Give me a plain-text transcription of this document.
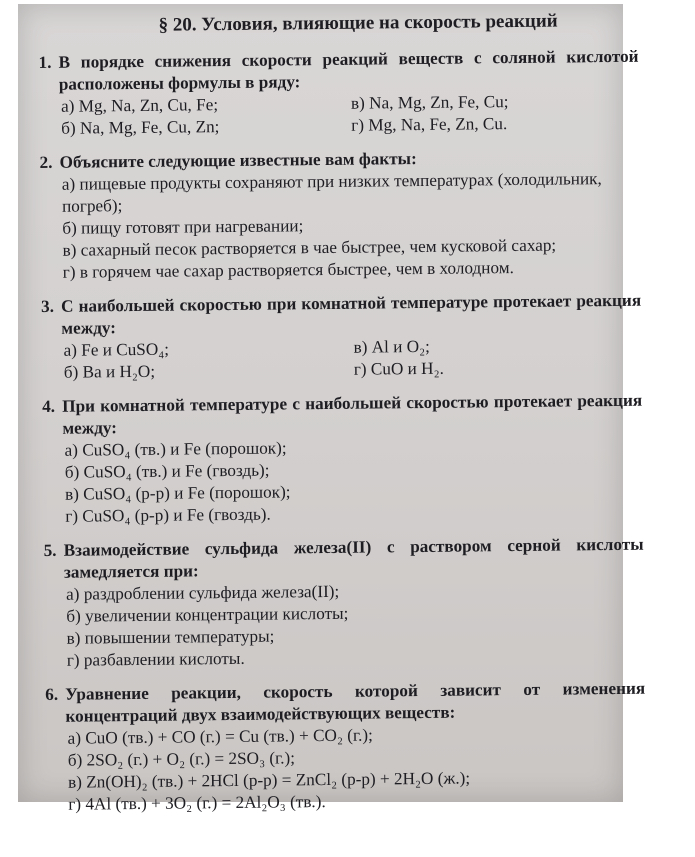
§ 20. Условия, влияющие на скорость реакций
1. В порядке снижения скорости реакций веществ с соляной кислотой расположены формулы в ряду:
а) Mg, Na, Zn, Cu, Fe;	в) Na, Mg, Zn, Fe, Cu;
б) Na, Mg, Fe, Cu, Zn;	г) Mg, Na, Fe, Zn, Cu.
2. Объясните следующие известные вам факты:
а) пищевые продукты сохраняют при низких температурах (холодильник, погреб);
б) пищу готовят при нагревании;
в) сахарный песок растворяется в чае быстрее, чем кусковой сахар;
г) в горячем чае сахар растворяется быстрее, чем в холодном.
3. С наибольшей скоростью при комнатной температуре протекает реакция между:
а) Fe и CuSO₄;	в) Al и O₂;
б) Ba и H₂O;	г) CuO и H₂.
4. При комнатной температуре с наибольшей скоростью протекает реакция между:
а) CuSO₄ (тв.) и Fe (порошок);
б) CuSO₄ (тв.) и Fe (гвоздь);
в) CuSO₄ (р-р) и Fe (порошок);
г) CuSO₄ (р-р) и Fe (гвоздь).
5. Взаимодействие сульфида железа(II) с раствором серной кислоты замедляется при:
а) раздроблении сульфида железа(II);
б) увеличении концентрации кислоты;
в) повышении температуры;
г) разбавлении кислоты.
6. Уравнение реакции, скорость которой зависит от изменения концентраций двух взаимодействующих веществ:
а) CuO (тв.) + CO (г.) = Cu (тв.) + CO₂ (г.);
б) 2SO₂ (г.) + O₂ (г.) = 2SO₃ (г.);
в) Zn(OH)₂ (тв.) + 2HCl (р-р) = ZnCl₂ (р-р) + 2H₂O (ж.);
г) 4Al (тв.) + 3O₂ (г.) = 2Al₂O₃ (тв.).
